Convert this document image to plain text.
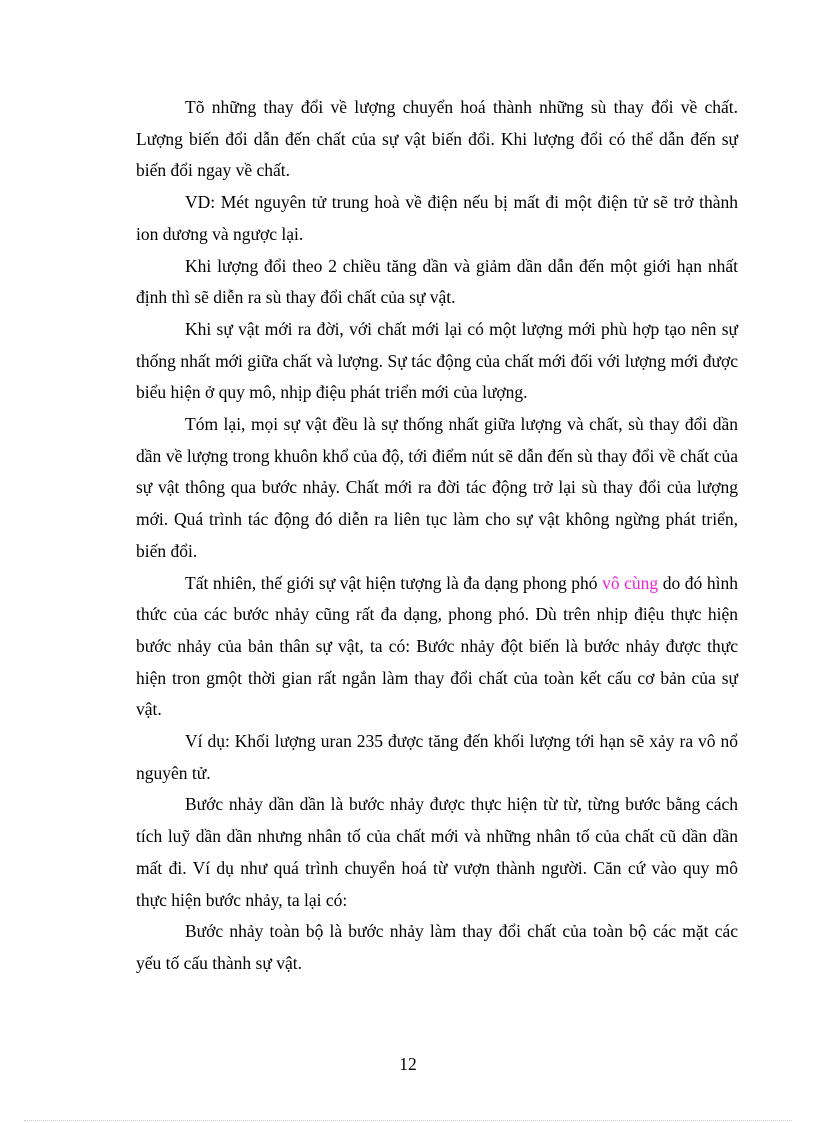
Tõ những thay đổi về lượng chuyển hoá thành những sù thay đổi về chất. Lượng biến đổi dẫn đến chất của sự vật biến đổi. Khi lượng đổi có thể dẫn đến sự biến đổi ngay về chất.

VD: Mét nguyên tử trung hoà về điện nếu bị mất đi một điện tử sẽ trở thành ion dương và ngược lại.

Khi lượng đổi theo 2 chiều tăng dần và giảm dần dẫn đến một giới hạn nhất định thì sẽ diễn ra sù thay đổi chất của sự vật.

Khi sự vật mới ra đời, với chất mới lại có một lượng mới phù hợp tạo nên sự thống nhất mới giữa chất và lượng. Sự tác động của chất mới đối với lượng mới được biểu hiện ở quy mô, nhịp điệu phát triển mới của lượng.

Tóm lại, mọi sự vật đều là sự thống nhất giữa lượng và chất, sù thay đổi dần dần về lượng trong khuôn khổ của độ, tới điểm nút sẽ dẫn đến sù thay đổi về chất của sự vật thông qua bước nhảy. Chất mới ra đời tác động trở lại sù thay đổi của lượng mới. Quá trình tác động đó diễn ra liên tục làm cho sự vật không ngừng phát triển, biến đổi.

Tất nhiên, thế giới sự vật hiện tượng là đa dạng phong phó vô cùng do đó hình thức của các bước nhảy cũng rất đa dạng, phong phó. Dù trên nhịp điệu thực hiện bước nhảy của bản thân sự vật, ta có: Bước nhảy đột biến là bước nhảy được thực hiện tron gmột thời gian rất ngắn làm thay đổi chất của toàn kết cấu cơ bản của sự vật.

Ví dụ: Khối lượng uran 235 được tăng đến khối lượng tới hạn sẽ xảy ra vô nổ nguyên tử.

Bước nhảy dần dần là bước nhảy được thực hiện từ từ, từng bước bằng cách tích luỹ dần dần nhưng nhân tố của chất mới và những nhân tố của chất cũ dần dần mất đi. Ví dụ như quá trình chuyển hoá từ vượn thành người. Căn cứ vào quy mô thực hiện bước nhảy, ta lại có:

Bước nhảy toàn bộ là bước nhảy làm thay đổi chất của toàn bộ các mặt các yếu tố cấu thành sự vật.

12
